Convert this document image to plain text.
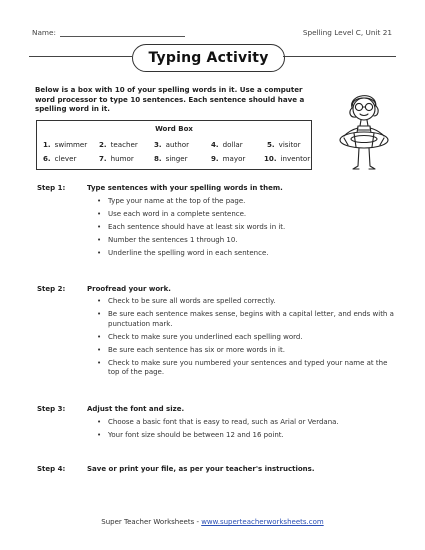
Name:	Spelling Level C, Unit 21
Typing Activity
Below is a box with 10 of your spelling words in it. Use a computer word processor to type 10 sentences. Each sentence should have a spelling word in it.
Word Box
1. swimmer 2. teacher 3. author	4. dollar	5. visitor
6. clever	7. humor	8. singer	9. mayor	10. inventor
Step 1:	Type sentences with your spelling words in them.
• Type your name at the top of the page.
• Use each word in a complete sentence.
• Each sentence should have at least six words in it.
• Number the sentences 1 through 10.
• Underline the spelling word in each sentence.
Step 2:	Proofread your work.
• Check to be sure all words are spelled correctly.
• Be sure each sentence makes sense, begins with a capital letter, and ends with a punctuation mark.
• Check to make sure you underlined each spelling word.
• Be sure each sentence has six or more words in it.
• Check to make sure you numbered your sentences and typed your name at the top of the page.
Step 3:	Adjust the font and size.
• Choose a basic font that is easy to read, such as Arial or Verdana.
• Your font size should be between 12 and 16 point.
Step 4:	Save or print your file, as per your teacher's instructions.
Super Teacher Worksheets - www.superteacherworksheets.com
